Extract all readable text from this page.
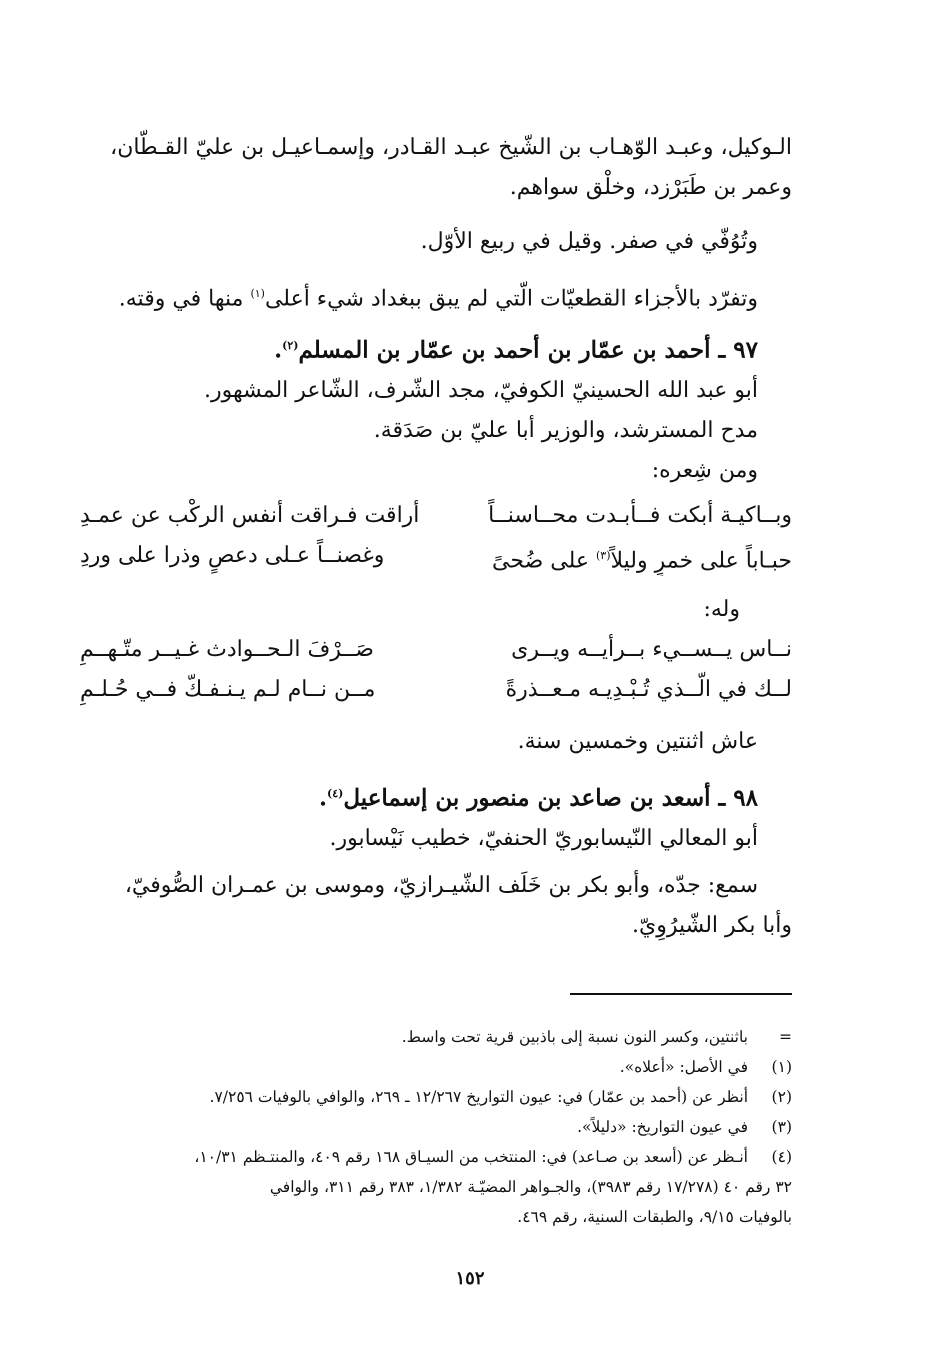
الـوكيل، وعبـد الوّهـاب بن الشّيخ عبـد القـادر، وإسمـاعيـل بن عليّ القـطّان،
وعمر بن طَبَرْزد، وخلْق سواهم.
وتُوُفّي في صفر. وقيل في ربيع الأوّل.
وتفرّد بالأجزاء القطعيّات الّتي لم يبق ببغداد شيء أعلى$^{(١)}$ منها في وقته.
٩٧ ـ أحمد بن عمّار بن أحمد بن عمّار بن المسلم$^{(٢)}$.
أبو عبد الله الحسينيّ الكوفيّ، مجد الشّرف، الشّاعر المشهور.
مدح المسترشد، والوزير أبا عليّ بن صَدَقة.
ومن شِعره:
وبــاكيـة أبكت فــأبـدت محــاسنــاً
أراقت فـراقت أنفس الركْب عن عمـدِ
حبـاباً على خمرٍ وليلاً$^{(٣)}$ على ضُحىً
وغصنــاً عـلى دعصٍ وذرا على وردِ
وله:
نــاس يــســيء بــرأيــه ويــرى
صَــرْفَ الـحــوادث غـيــر متّـهــمِ
لــك في الّــذي تُـبْـدِيـه مـعــذرةً
مــن نــام لـم يـنـفـكّ فــي حُـلـمِ
عاش اثنتين وخمسين سنة.
٩٨ ـ أسعد بن صاعد بن منصور بن إسماعيل$^{(٤)}$.
أبو المعالي النّيسابوريّ الحنفيّ، خطيب نَيْسابور.
سمع: جدّه، وأبو بكر بن خَلَف الشّيـرازيّ، وموسى بن عمـران الصُّوفيّ،
وأبا بكر الشّيرُوِيّ.
=
باثنتين، وكسر النون نسبة إلى باذبين قرية تحت واسط.
(١)
في الأصل: «أعلاه».
(٢)
أنظر عن (أحمد بن عمّار) في: عيون التواريخ ١٢/٢٦٧ ـ ٢٦٩، والوافي بالوفيات ٧/٢٥٦.
(٣)
في عيون التواريخ: «دليلاً».
(٤)
أنـظر عن (أسعد بن صـاعد) في: المنتخب من السيـاق ١٦٨ رقم ٤٠٩، والمنتـظم ١٠/٣١،
٣٢ رقم ٤٠ (١٧/٢٧٨ رقم ٣٩٨٣)، والجـواهر المضيّـة ١/٣٨٢، ٣٨٣ رقم ٣١١، والوافي
بالوفيات ٩/١٥، والطبقات السنية، رقم ٤٦٩.
١٥٢
